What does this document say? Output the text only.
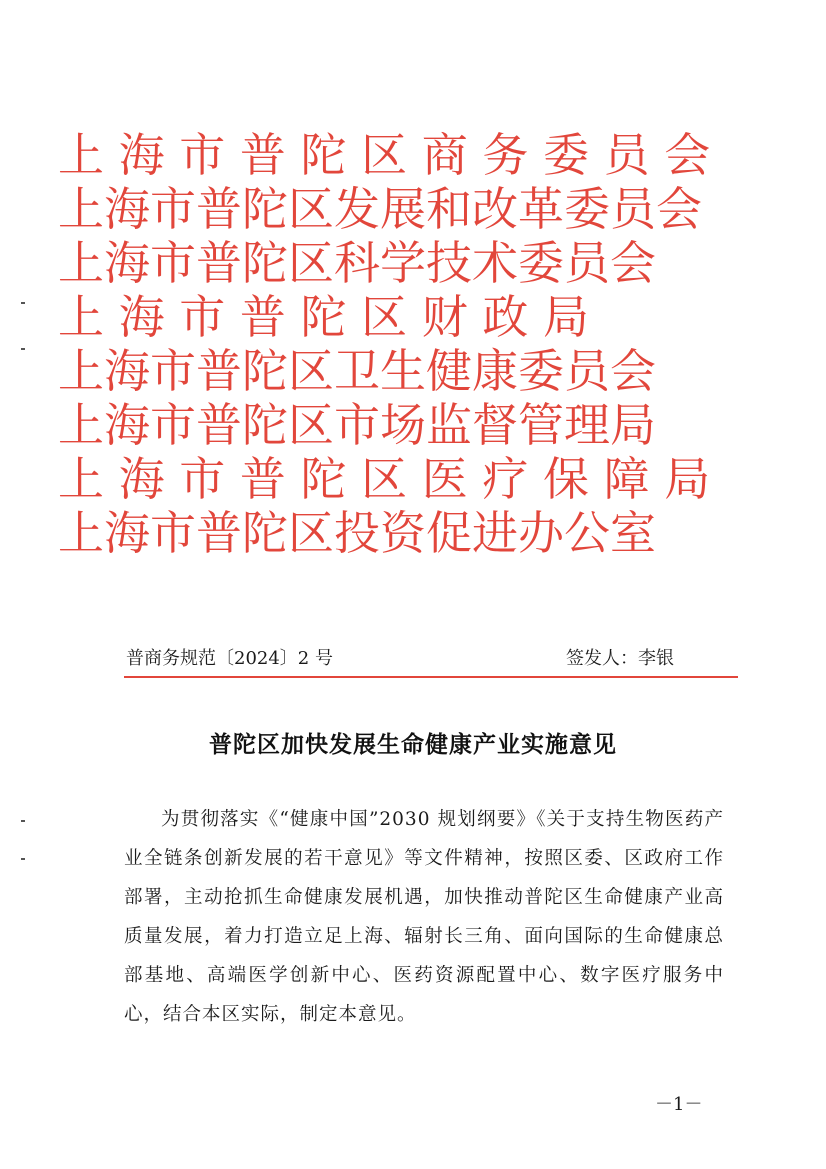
上 海 市 普 陀 区 商 务 委 员 会
上海市普陀区发展和改革委员会
上海市普陀区科学技术委员会
上 海 市 普 陀 区 财 政 局
上海市普陀区卫生健康委员会
上海市普陀区市场监督管理局
上 海 市 普 陀 区 医 疗 保 障 局
上海市普陀区投资促进办公室
普商务规范〔2024〕2 号	签发人：李银
普陀区加快发展生命健康产业实施意见
为贯彻落实《“健康中国”2030 规划纲要》《关于支持生物医药产业全链条创新发展的若干意见》等文件精神，按照区委、区政府工作部署，主动抢抓生命健康发展机遇，加快推动普陀区生命健康产业高质量发展，着力打造立足上海、辐射长三角、面向国际的生命健康总部基地、高端医学创新中心、医药资源配置中心、数字医疗服务中心，结合本区实际，制定本意见。
－1－
